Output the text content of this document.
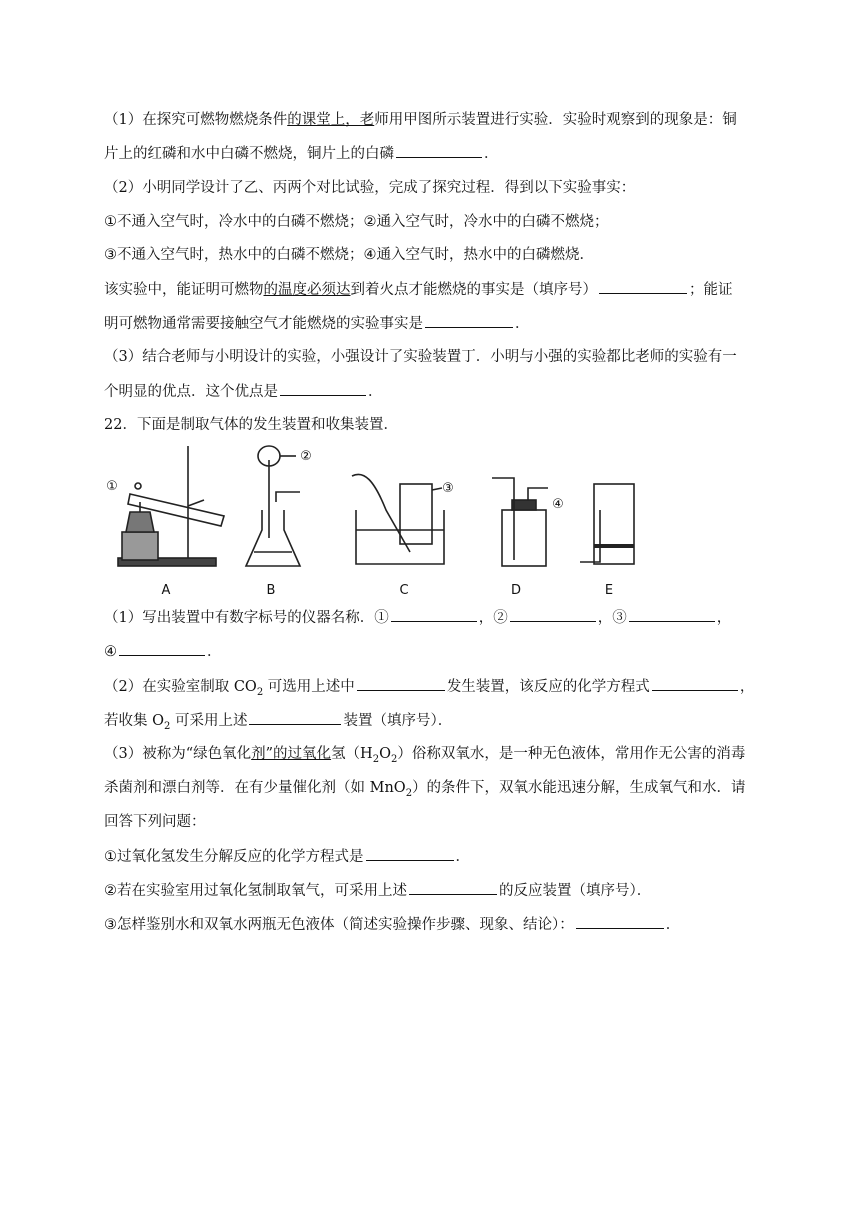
（1）在探究可燃物燃烧条件的课堂上，老师用甲图所示装置进行实验．实验时观察到的现象是：铜
片上的红磷和水中白磷不燃烧，铜片上的白磷	．
（2）小明同学设计了乙、丙两个对比试验，完成了探究过程．得到以下实验事实：
①不通入空气时，冷水中的白磷不燃烧；②通入空气时，冷水中的白磷不燃烧；
③不通入空气时，热水中的白磷不燃烧；④通入空气时，热水中的白磷燃烧．
该实验中，能证明可燃物的温度必须达到着火点才能燃烧的事实是（填序号）	；能证
明可燃物通常需要接触空气才能燃烧的实验事实是	．
（3）结合老师与小明设计的实验，小强设计了实验装置丁．小明与小强的实验都比老师的实验有一
个明显的优点．这个优点是	．
22．下面是制取气体的发生装置和收集装置．
A	B	C	D	E
①
②
③
④
（1）写出装置中有数字标号的仪器名称．①	，②	，③	，
④	．
（2）在实验室制取 $CO_2$ 可选用上述中	发生装置，该反应的化学方程式	，
若收集 $O_2$ 可采用上述	装置（填序号）．
（3）被称为“绿色氧化剂”的过氧化氢$(H_2O_2)$俗称双氧水，是一种无色液体，常用作无公害的消毒
杀菌剂和漂白剂等．在有少量催化剂（如 MnO$_2$）的条件下，双氧水能迅速分解，生成氧气和水．请
回答下列问题：
①过氧化氢发生分解反应的化学方程式是	．
②若在实验室用过氧化氢制取氧气，可采用上述	的反应装置（填序号）．
③怎样鉴别水和双氧水两瓶无色液体（简述实验操作步骤、现象、结论）：	．
